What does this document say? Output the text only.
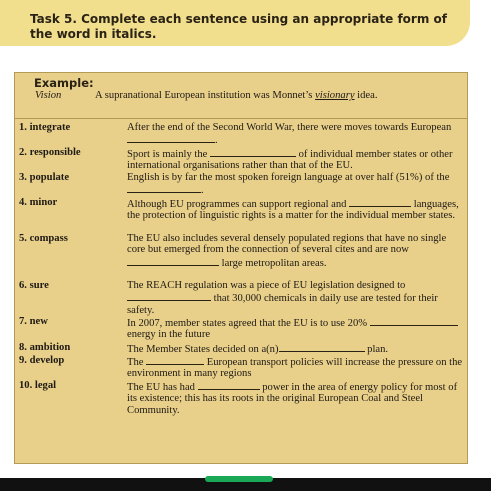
Task 5. Complete each sentence using an appropriate form of the word in italics.
Example:
Vision	A supranational European institution was Monnet’s visionary idea.
1. integrate	After the end of the Second World War, there were moves towards European .
2. responsible	Sport is mainly the	of individual member states or other international organisations rather than that of the EU.
3. populate	English is by far the most spoken foreign language at over half (51%) of the .
4. minor	Although EU programmes can support regional and	languages, the protection of linguistic rights is a matter for the individual member states.
5. compass	The EU also includes several densely populated regions that have no single core but emerged from the connection of several cites and are now  large metropolitan areas.
6. sure	The REACH regulation was a piece of EU legislation designed to  that 30,000 chemicals in daily use are tested for their safety.
7. new	In 2007, member states agreed that the EU is to use 20%  energy in the future
8. ambition	The Member States decided on a(n)	plan.
9. develop	The	European transport policies will increase the pressure on the environment in many regions
10. legal	The EU has had	power in the area of energy policy for most of its existence; this has its roots in the original European Coal and Steel Community.
